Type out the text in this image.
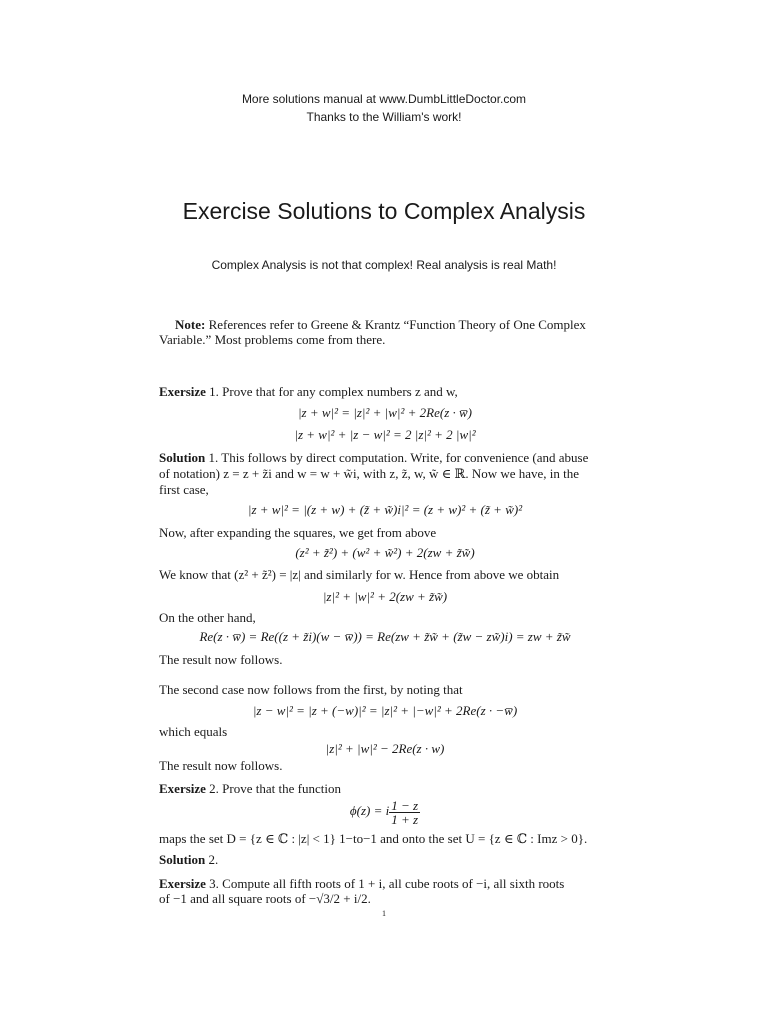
More solutions manual at www.DumbLittleDoctor.com
Thanks to the William's work!
Exercise Solutions to Complex Analysis
Complex Analysis is not that complex! Real analysis is real Math!
Note: References refer to Greene & Krantz “Function Theory of One Complex
Variable.” Most problems come from there.
Exersize 1. Prove that for any complex numbers z and w,
|z + w|² = |z|² + |w|² + 2Re(z · w̅)
|z + w|² + |z − w|² = 2 |z|² + 2 |w|²
Solution 1. This follows by direct computation. Write, for convenience (and abuse
of notation) z = z + z̃i and w = w + w̃i, with z, z̃, w, w̃ ∈ ℝ. Now we have, in the
first case,
|z + w|² = |(z + w) + (z̃ + w̃)i|² = (z + w)² + (z̃ + w̃)²
Now, after expanding the squares, we get from above
(z² + z̃²) + (w² + w̃²) + 2(zw + z̃w̃)
We know that (z² + z̃²) = |z| and similarly for w. Hence from above we obtain
|z|² + |w|² + 2(zw + z̃w̃)
On the other hand,
Re(z · w̅) = Re((z + z̃i)(w − w̅)) = Re(zw + z̃w̃ + (z̃w − zw̃)i) = zw + z̃w̃
The result now follows.
The second case now follows from the first, by noting that
|z − w|² = |z + (−w)|² = |z|² + |−w|² + 2Re(z · −w̅)
which equals
|z|² + |w|² − 2Re(z · w)
The result now follows.
Exersize 2. Prove that the function
ϕ(z) = i $\frac{1 - z}{1 + z}$
maps the set D = {z ∈ ℂ : |z| < 1} 1−to−1 and onto the set U = {z ∈ ℂ : Imz > 0}.
Solution 2.
Exersize 3. Compute all fifth roots of 1 + i, all cube roots of −i, all sixth roots
of −1 and all square roots of −√3/2 + i/2.
1
